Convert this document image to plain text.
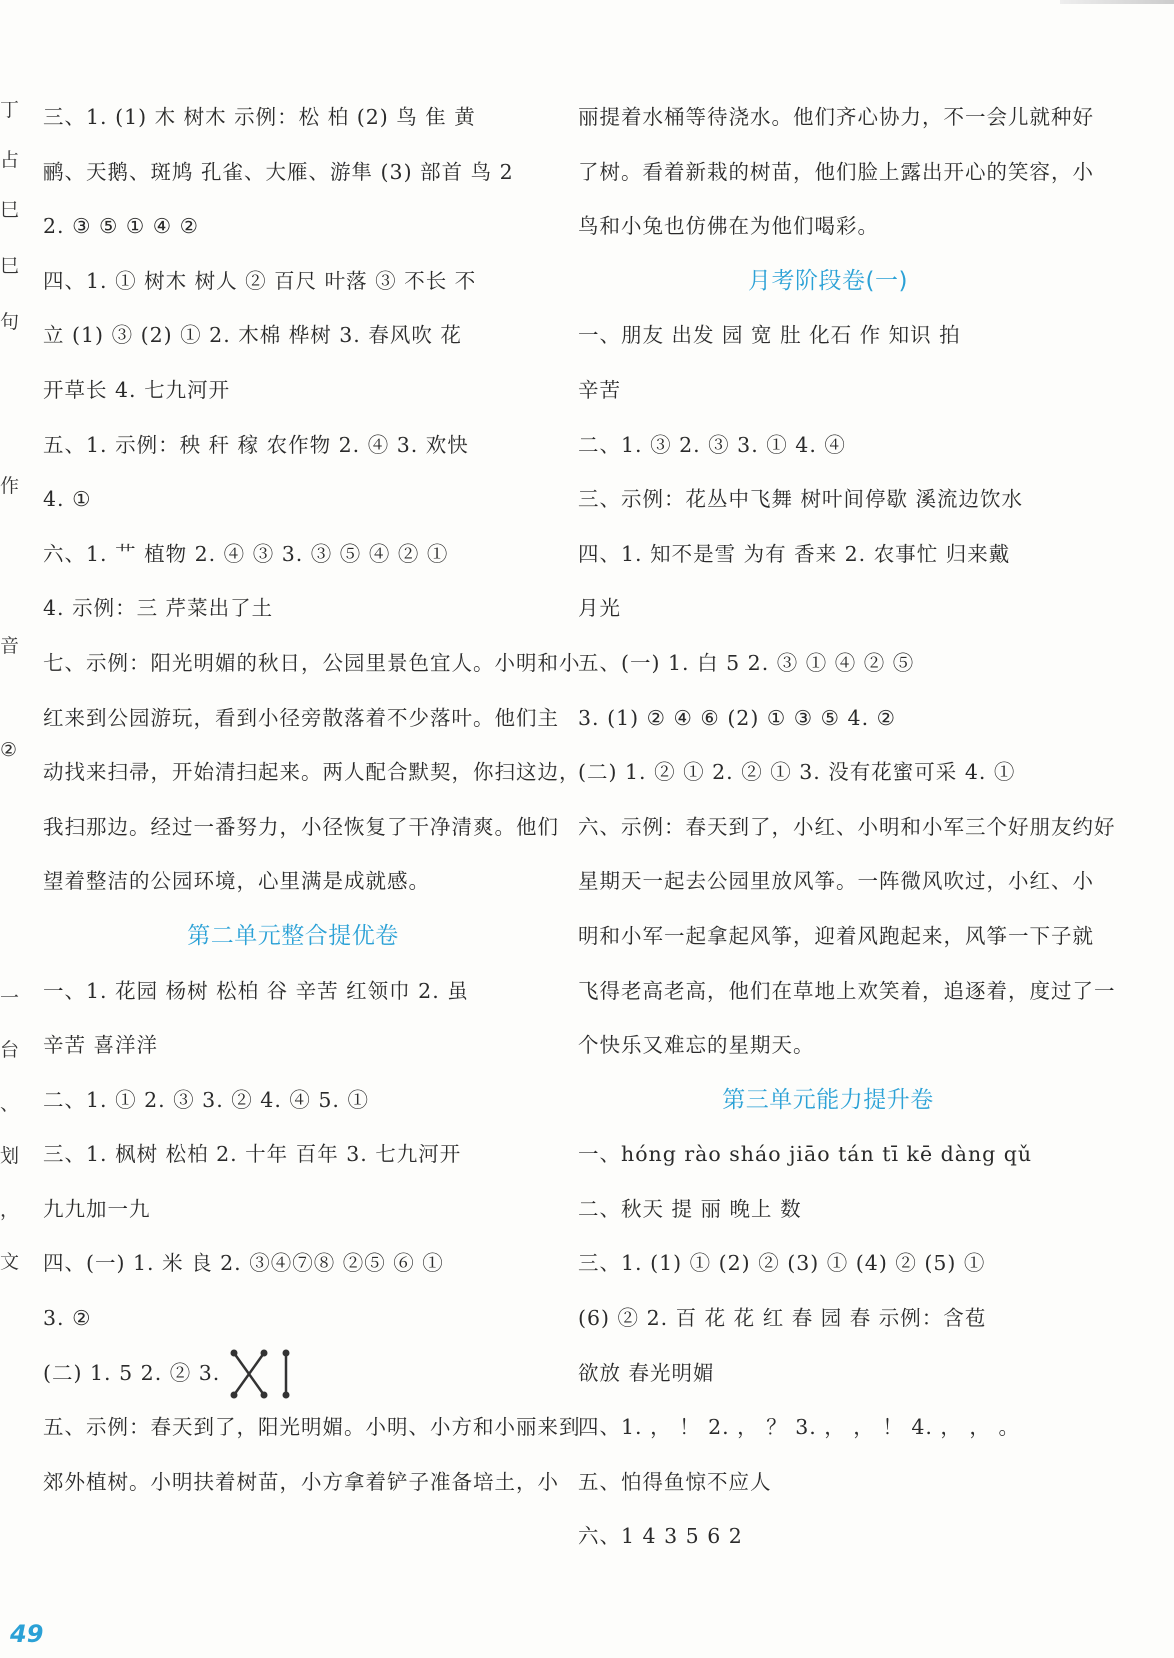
丁
占
巳
巳
句
作
音
②
一
台
、
划
，
文
三、1. (1) 木 树木 示例：松 柏 (2) 鸟 隹 黄
鹂、天鹅、斑鸠 孔雀、大雁、游隼 (3) 部首 鸟 2
2. ③ ⑤ ① ④ ②
四、1. ① 树木 树人 ② 百尺 叶落 ③ 不长 不
立 (1) ③ (2) ① 2. 木棉 桦树 3. 春风吹 花
开草长 4. 七九河开
五、1. 示例：秧 秆 稼 农作物 2. ④ 3. 欢快
4. ①
六、1. 艹 植物 2. ④ ③ 3. ③ ⑤ ④ ② ①
4. 示例：三 芹菜出了土
七、示例：阳光明媚的秋日，公园里景色宜人。小明和小
红来到公园游玩，看到小径旁散落着不少落叶。他们主
动找来扫帚，开始清扫起来。两人配合默契，你扫这边，
我扫那边。经过一番努力，小径恢复了干净清爽。他们
望着整洁的公园环境，心里满是成就感。
第二单元整合提优卷
一、1. 花园 杨树 松柏 谷 辛苦 红领巾 2. 虽
辛苦 喜洋洋
二、1. ① 2. ③ 3. ② 4. ④ 5. ①
三、1. 枫树 松柏 2. 十年 百年 3. 七九河开
九九加一九
四、(一) 1. 米 良 2. ③④⑦⑧ ②⑤ ⑥ ①
3. ②
(二) 1. 5 2. ② 3.
五、示例：春天到了，阳光明媚。小明、小方和小丽来到
郊外植树。小明扶着树苗，小方拿着铲子准备培土，小
丽提着水桶等待浇水。他们齐心协力，不一会儿就种好
了树。看着新栽的树苗，他们脸上露出开心的笑容，小
鸟和小兔也仿佛在为他们喝彩。
月考阶段卷(一)
一、朋友 出发 园 宽 肚 化石 作 知识 拍
辛苦
二、1. ③ 2. ③ 3. ① 4. ④
三、示例：花丛中飞舞 树叶间停歇 溪流边饮水
四、1. 知不是雪 为有 香来 2. 农事忙 归来戴
月光
五、(一) 1. 白 5 2. ③ ① ④ ② ⑤
3. (1) ② ④ ⑥ (2) ① ③ ⑤ 4. ②
(二) 1. ② ① 2. ② ① 3. 没有花蜜可采 4. ①
六、示例：春天到了，小红、小明和小军三个好朋友约好
星期天一起去公园里放风筝。一阵微风吹过，小红、小
明和小军一起拿起风筝，迎着风跑起来，风筝一下子就
飞得老高老高，他们在草地上欢笑着，追逐着，度过了一
个快乐又难忘的星期天。
第三单元能力提升卷
一、hóng rào sháo jiāo tán tī kē dàng qǔ
二、秋天 提 丽 晚上 数
三、1. (1) ① (2) ② (3) ① (4) ② (5) ①
(6) ② 2. 百 花 花 红 春 园 春 示例：含苞
欲放 春光明媚
四、1. ， ！ 2. ， ？ 3. ， ， ！ 4. ， ， 。
五、怕得鱼惊不应人
六、1 4 3 5 6 2
49
